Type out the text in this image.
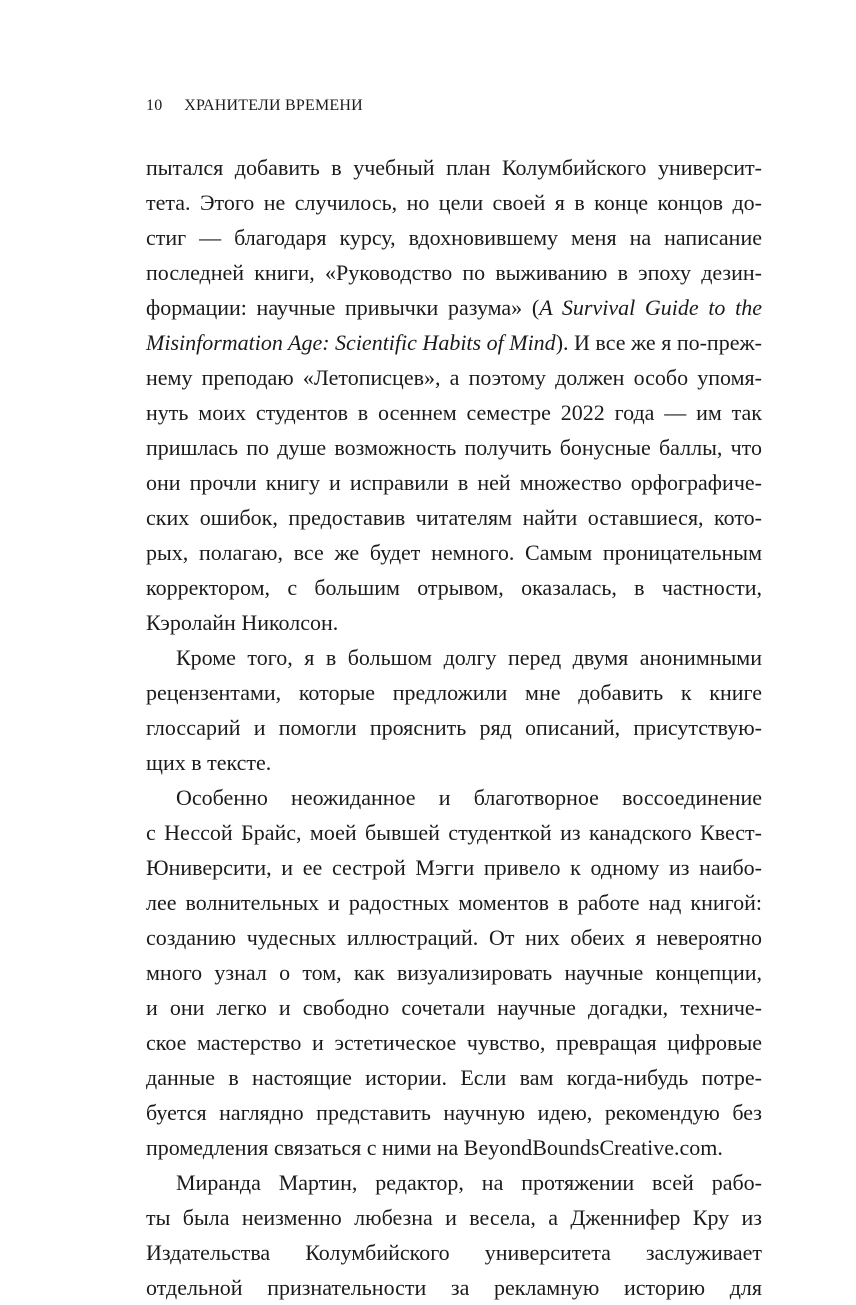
10 ХРАНИТЕЛИ ВРЕМЕНИ
пытался добавить в учебный план Колумбийского университ-
тета. Этого не случилось, но цели своей я в конце концов до-
стиг — благодаря курсу, вдохновившему меня на написание
последней книги, «Руководство по выживанию в эпоху дезин-
формации: научные привычки разума» (A Survival Guide to the
Misinformation Age: Scientific Habits of Mind). И все же я по-преж-
нему преподаю «Летописцев», а поэтому должен особо упомя-
нуть моих студентов в осеннем семестре 2022 года — им так
пришлась по душе возможность получить бонусные баллы, что
они прочли книгу и исправили в ней множество орфографиче-
ских ошибок, предоставив читателям найти оставшиеся, кото-
рых, полагаю, все же будет немного. Самым проницательным
корректором, с большим отрывом, оказалась, в частности,
Кэролайн Николсон.
Кроме того, я в большом долгу перед двумя анонимными
рецензентами, которые предложили мне добавить к книге
глоссарий и помогли прояснить ряд описаний, присутствую-
щих в тексте.
Особенно неожиданное и благотворное воссоединение
с Нессой Брайс, моей бывшей студенткой из канадского Квест-
Юниверсити, и ее сестрой Мэгги привело к одному из наибо-
лее волнительных и радостных моментов в работе над книгой:
созданию чудесных иллюстраций. От них обеих я невероятно
много узнал о том, как визуализировать научные концепции,
и они легко и свободно сочетали научные догадки, техниче-
ское мастерство и эстетическое чувство, превращая цифровые
данные в настоящие истории. Если вам когда-нибудь потре-
буется наглядно представить научную идею, рекомендую без
промедления связаться с ними на BeyondBoundsCreative.com.
Миранда Мартин, редактор, на протяжении всей рабо-
ты была неизменно любезна и весела, а Дженнифер Кру из
Издательства Колумбийского университета заслуживает
отдельной признательности за рекламную историю для
